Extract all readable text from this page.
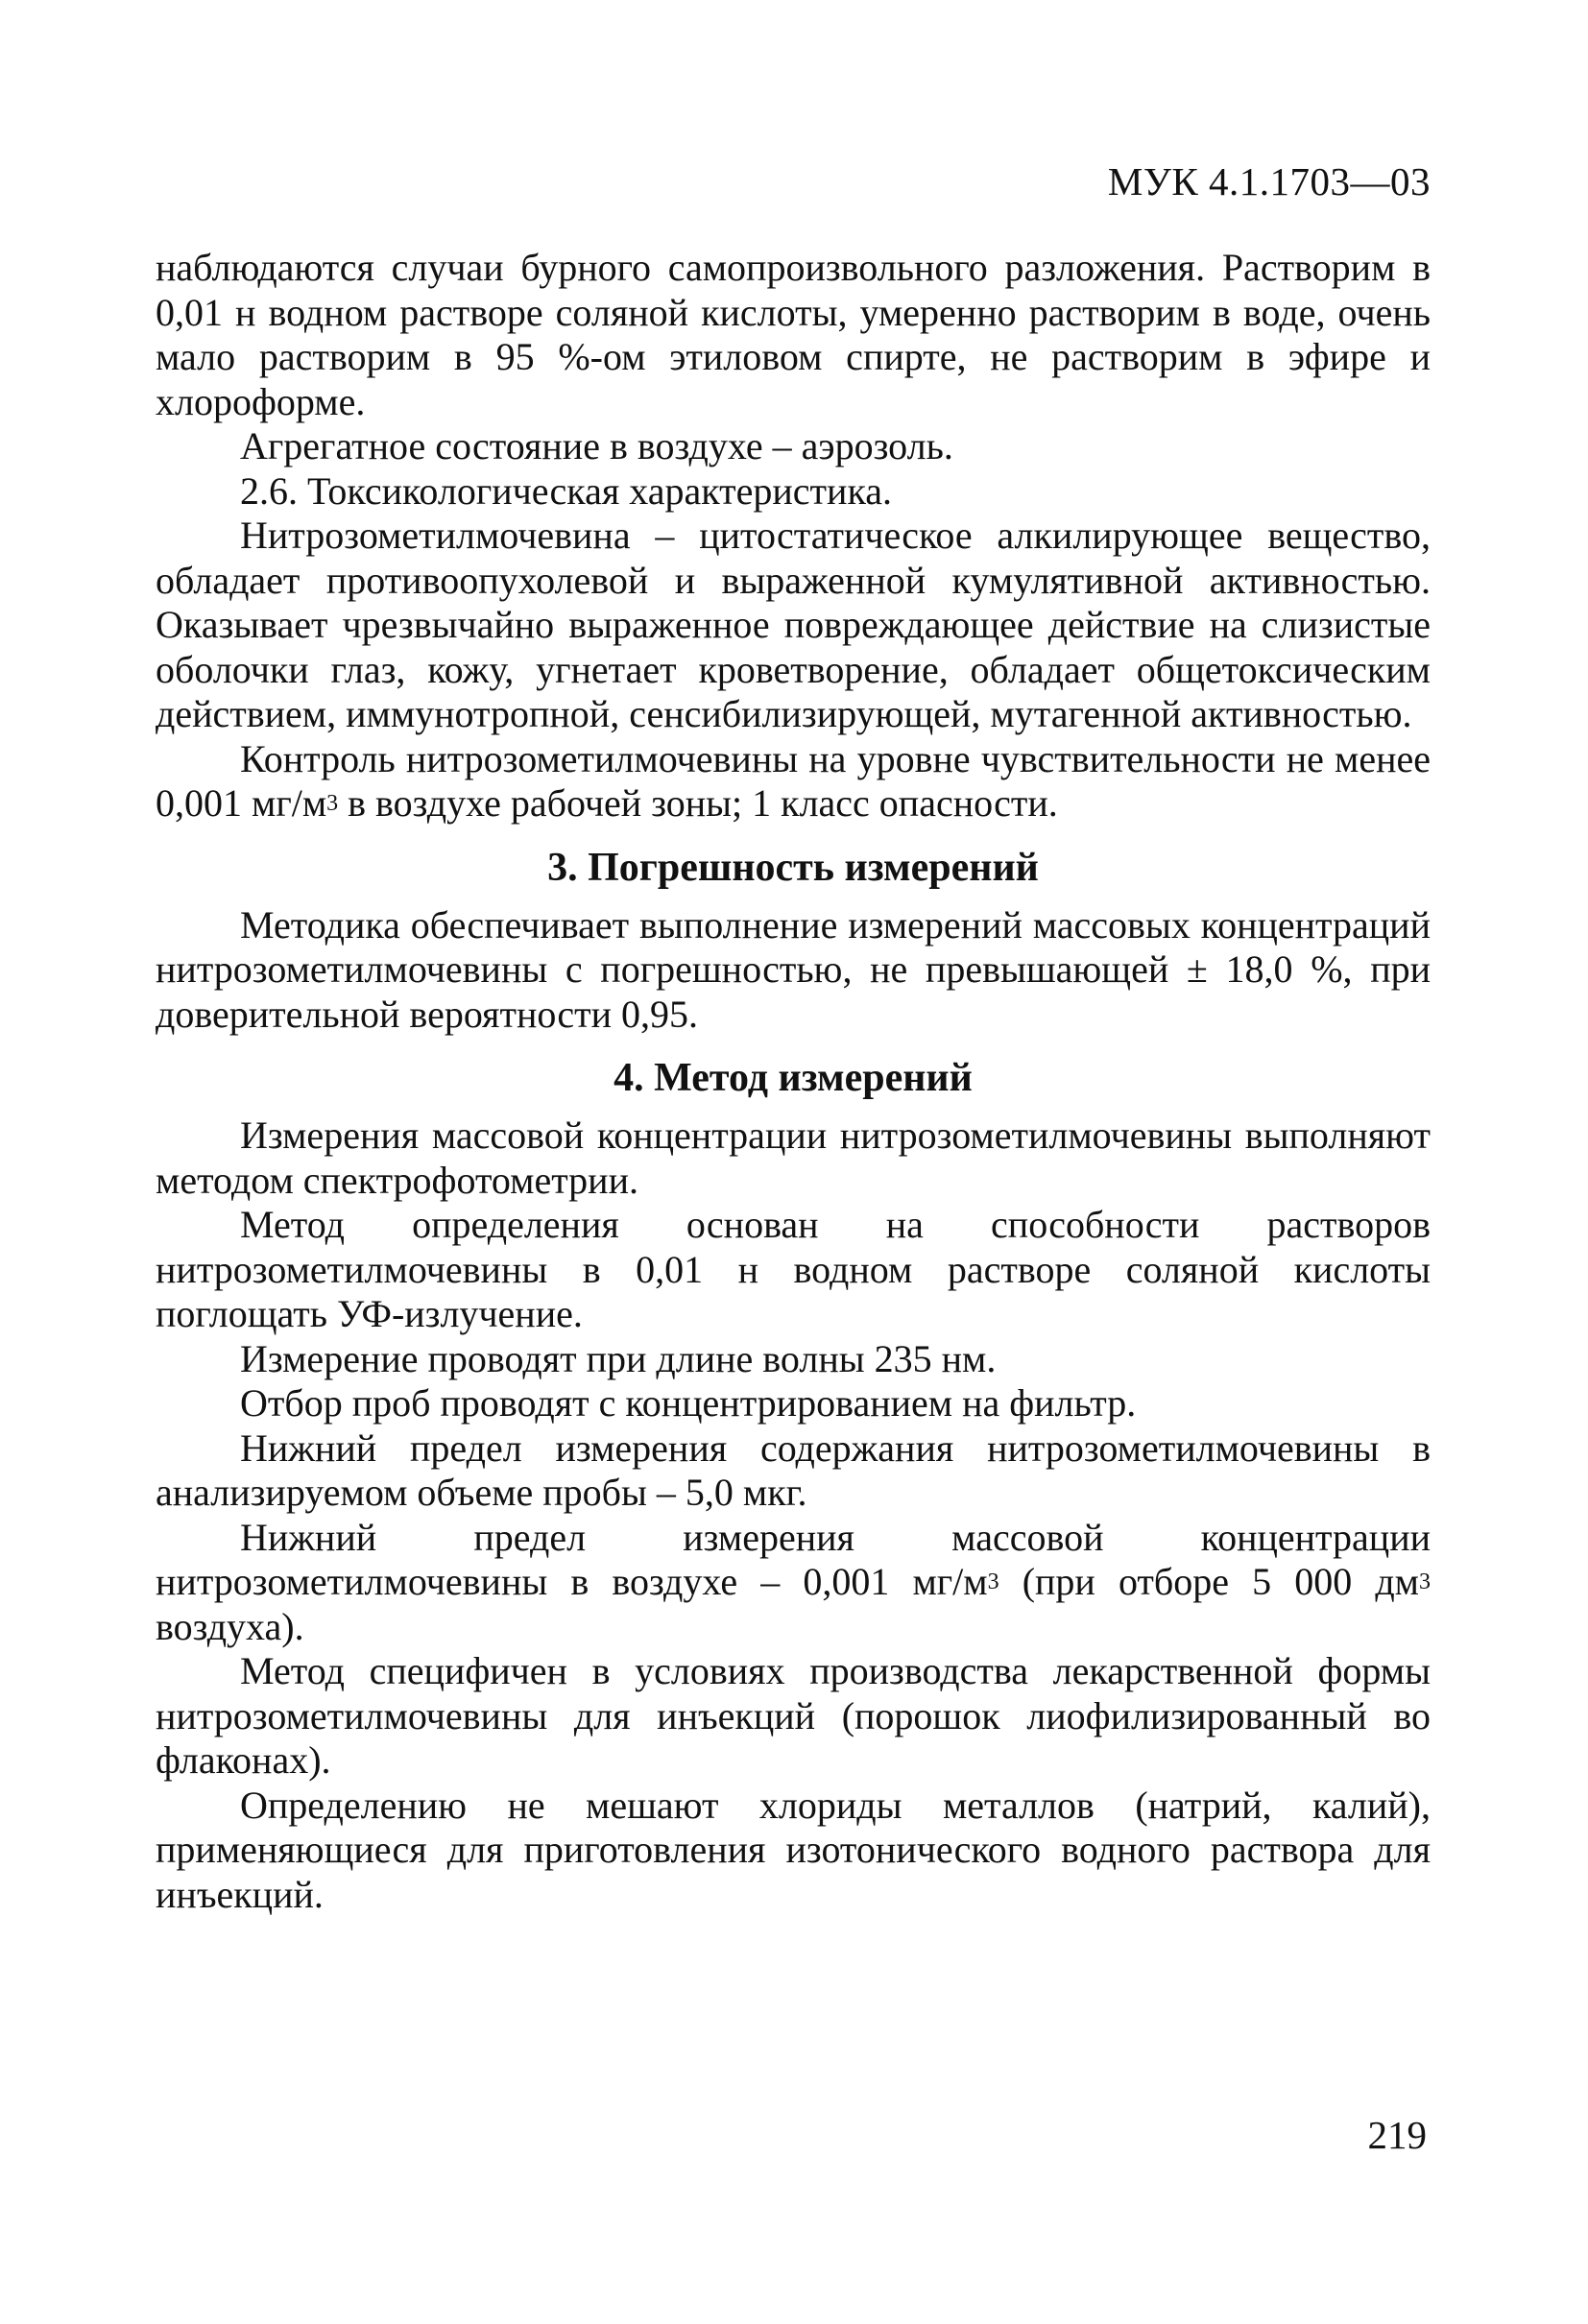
МУК 4.1.1703—03

наблюдаются случаи бурного самопроизвольного разложения. Растворим в 0,01 н водном растворе соляной кислоты, умеренно растворим в воде, очень мало растворим в 95 %-ом этиловом спирте, не растворим в эфире и хлороформе.

Агрегатное состояние в воздухе – аэрозоль.

2.6. Токсикологическая характеристика.

Нитрозометилмочевина – цитостатическое алкилирующее вещество, обладает противоопухолевой и выраженной кумулятивной активностью. Оказывает чрезвычайно выраженное повреждающее действие на слизистые оболочки глаз, кожу, угнетает кроветворение, обладает общетоксическим действием, иммунотропной, сенсибилизирующей, мутагенной активностью.

Контроль нитрозометилмочевины на уровне чувствительности не менее 0,001 $мг/м^3$ в воздухе рабочей зоны; 1 класс опасности.

3. Погрешность измерений

Методика обеспечивает выполнение измерений массовых концентраций нитрозометилмочевины с погрешностью, не превышающей ± 18,0 %, при доверительной вероятности 0,95.

4. Метод измерений

Измерения массовой концентрации нитрозометилмочевины выполняют методом спектрофотометрии.

Метод определения основан на способности растворов нитрозометилмочевины в 0,01 н водном растворе соляной кислоты поглощать УФ-излучение.

Измерение проводят при длине волны 235 нм.

Отбор проб проводят с концентрированием на фильтр.

Нижний предел измерения содержания нитрозометилмочевины в анализируемом объеме пробы – 5,0 мкг.

Нижний предел измерения массовой концентрации нитрозометилмочевины в воздухе – 0,001 $мг/м^3$ (при отборе 5 000 $дм^3$ воздуха).

Метод специфичен в условиях производства лекарственной формы нитрозометилмочевины для инъекций (порошок лиофилизированный во флаконах).

Определению не мешают хлориды металлов (натрий, калий), применяющиеся для приготовления изотонического водного раствора для инъекций.

219
